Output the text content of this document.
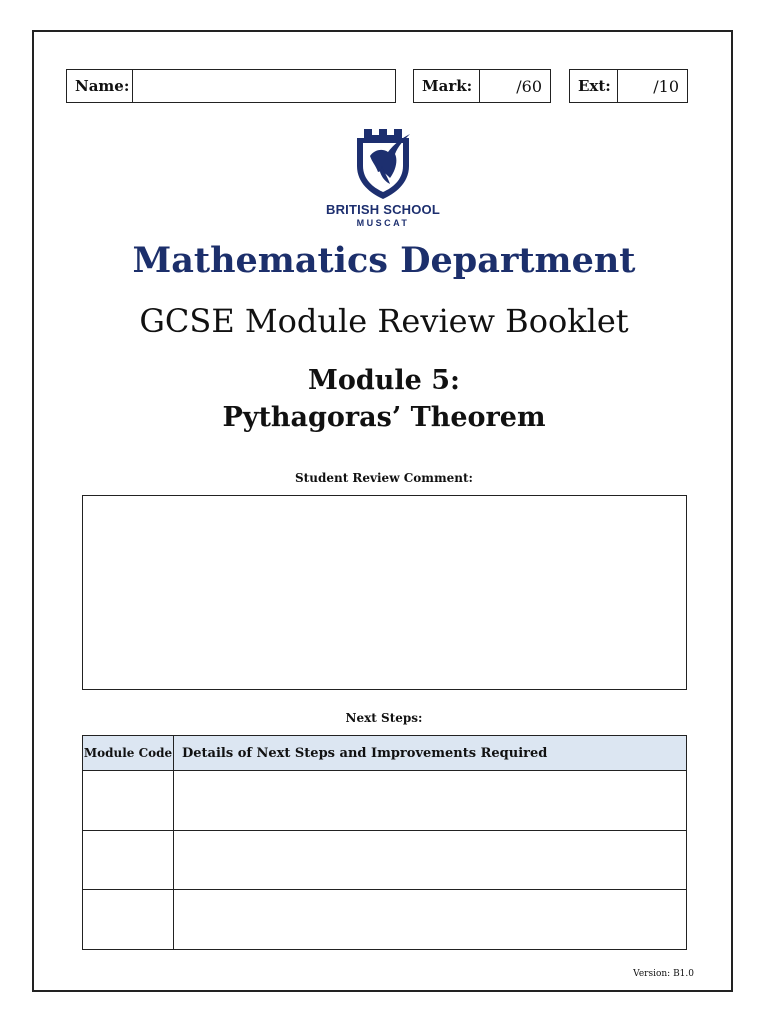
Name:	Mark:	/60	Ext:	/10
BRITISH SCHOOL
MUSCAT
Mathematics Department
GCSE Module Review Booklet
Module 5:
Pythagoras’ Theorem
Student Review Comment:
Next Steps:
Module Code	Details of Next Steps and Improvements Required

Version: B1.0
